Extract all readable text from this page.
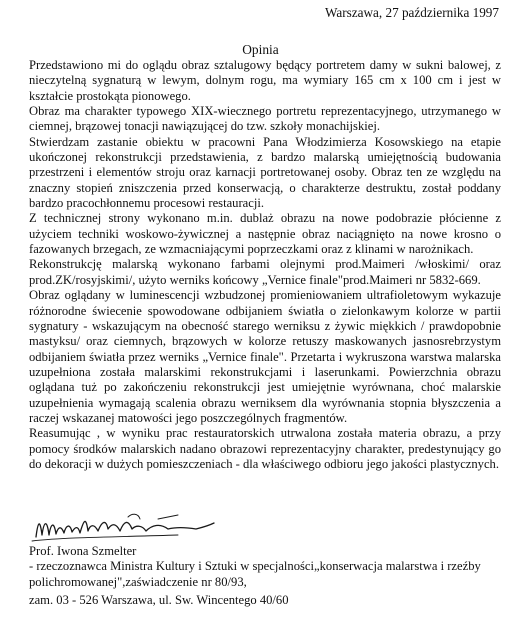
Warszawa, 27 października 1997
Opinia

Przedstawiono mi do oglądu obraz sztalugowy będący portretem damy w sukni balowej, z nieczytelną sygnaturą w lewym, dolnym rogu, ma wymiary 165 cm x 100 cm i jest w kształcie prostokąta pionowego.

Obraz ma charakter typowego XIX-wiecznego portretu reprezentacyjnego, utrzymanego w ciemnej, brązowej tonacji nawiązującej do tzw. szkoły monachijskiej.

Stwierdzam zastanie obiektu w pracowni Pana Włodzimierza Kosowskiego na etapie ukończonej rekonstrukcji przedstawienia, z bardzo malarską umiejętnością budowania przestrzeni i elementów stroju oraz karnacji portretowanej osoby. Obraz ten ze względu na znaczny stopień zniszczenia przed konserwacją, o charakterze destruktu, został poddany bardzo pracochłonnemu procesowi restauracji.

Z technicznej strony wykonano m.in. dublaż obrazu na nowe podobrazie płócienne z użyciem techniki woskowo-żywicznej a następnie obraz naciągnięto na nowe krosno o fazowanych brzegach, ze wzmacniającymi poprzeczkami oraz z klinami w narożnikach.

Rekonstrukcję malarską wykonano farbami olejnymi prod.Maimeri /włoskimi/ oraz prod.ZK/rosyjskimi/, użyto werniks końcowy „Vernice finale"prod.Maimeri nr 5832-669.

Obraz oglądany w luminescencji wzbudzonej promieniowaniem ultrafioletowym wykazuje różnorodne świecenie spowodowane odbijaniem światła o zielonkawym kolorze w partii sygnatury - wskazującym na obecność starego werniksu z żywic miękkich / prawdopobnie mastyksu/ oraz ciemnych, brązowych w kolorze retuszy maskowanych jasnosrebrzystym odbijaniem światła przez werniks „Vernice finale". Przetarta i wykruszona warstwa malarska uzupełniona została malarskimi rekonstrukcjami i laserunkami. Powierzchnia obrazu oglądana tuż po zakończeniu rekonstrukcji jest umiejętnie wyrównana, choć malarskie uzupełnienia wymagają scalenia obrazu werniksem dla wyrównania stopnia błyszczenia a raczej wskazanej matowości jego poszczególnych fragmentów.

Reasumując , w wyniku prac restauratorskich utrwalona została materia obrazu, a przy pomocy środków malarskich nadano obrazowi reprezentacyjny charakter, predestynujący go do dekoracji w dużych pomieszczeniach - dla właściwego odbioru jego jakości plastycznych.

Prof. Iwona Szmelter

- rzeczoznawca Ministra Kultury i Sztuki w specjalności„konserwacja malarstwa i rzeźby polichromowanej",zaświadczenie nr 80/93,

zam. 03 - 526 Warszawa, ul. Sw. Wincentego 40/60
